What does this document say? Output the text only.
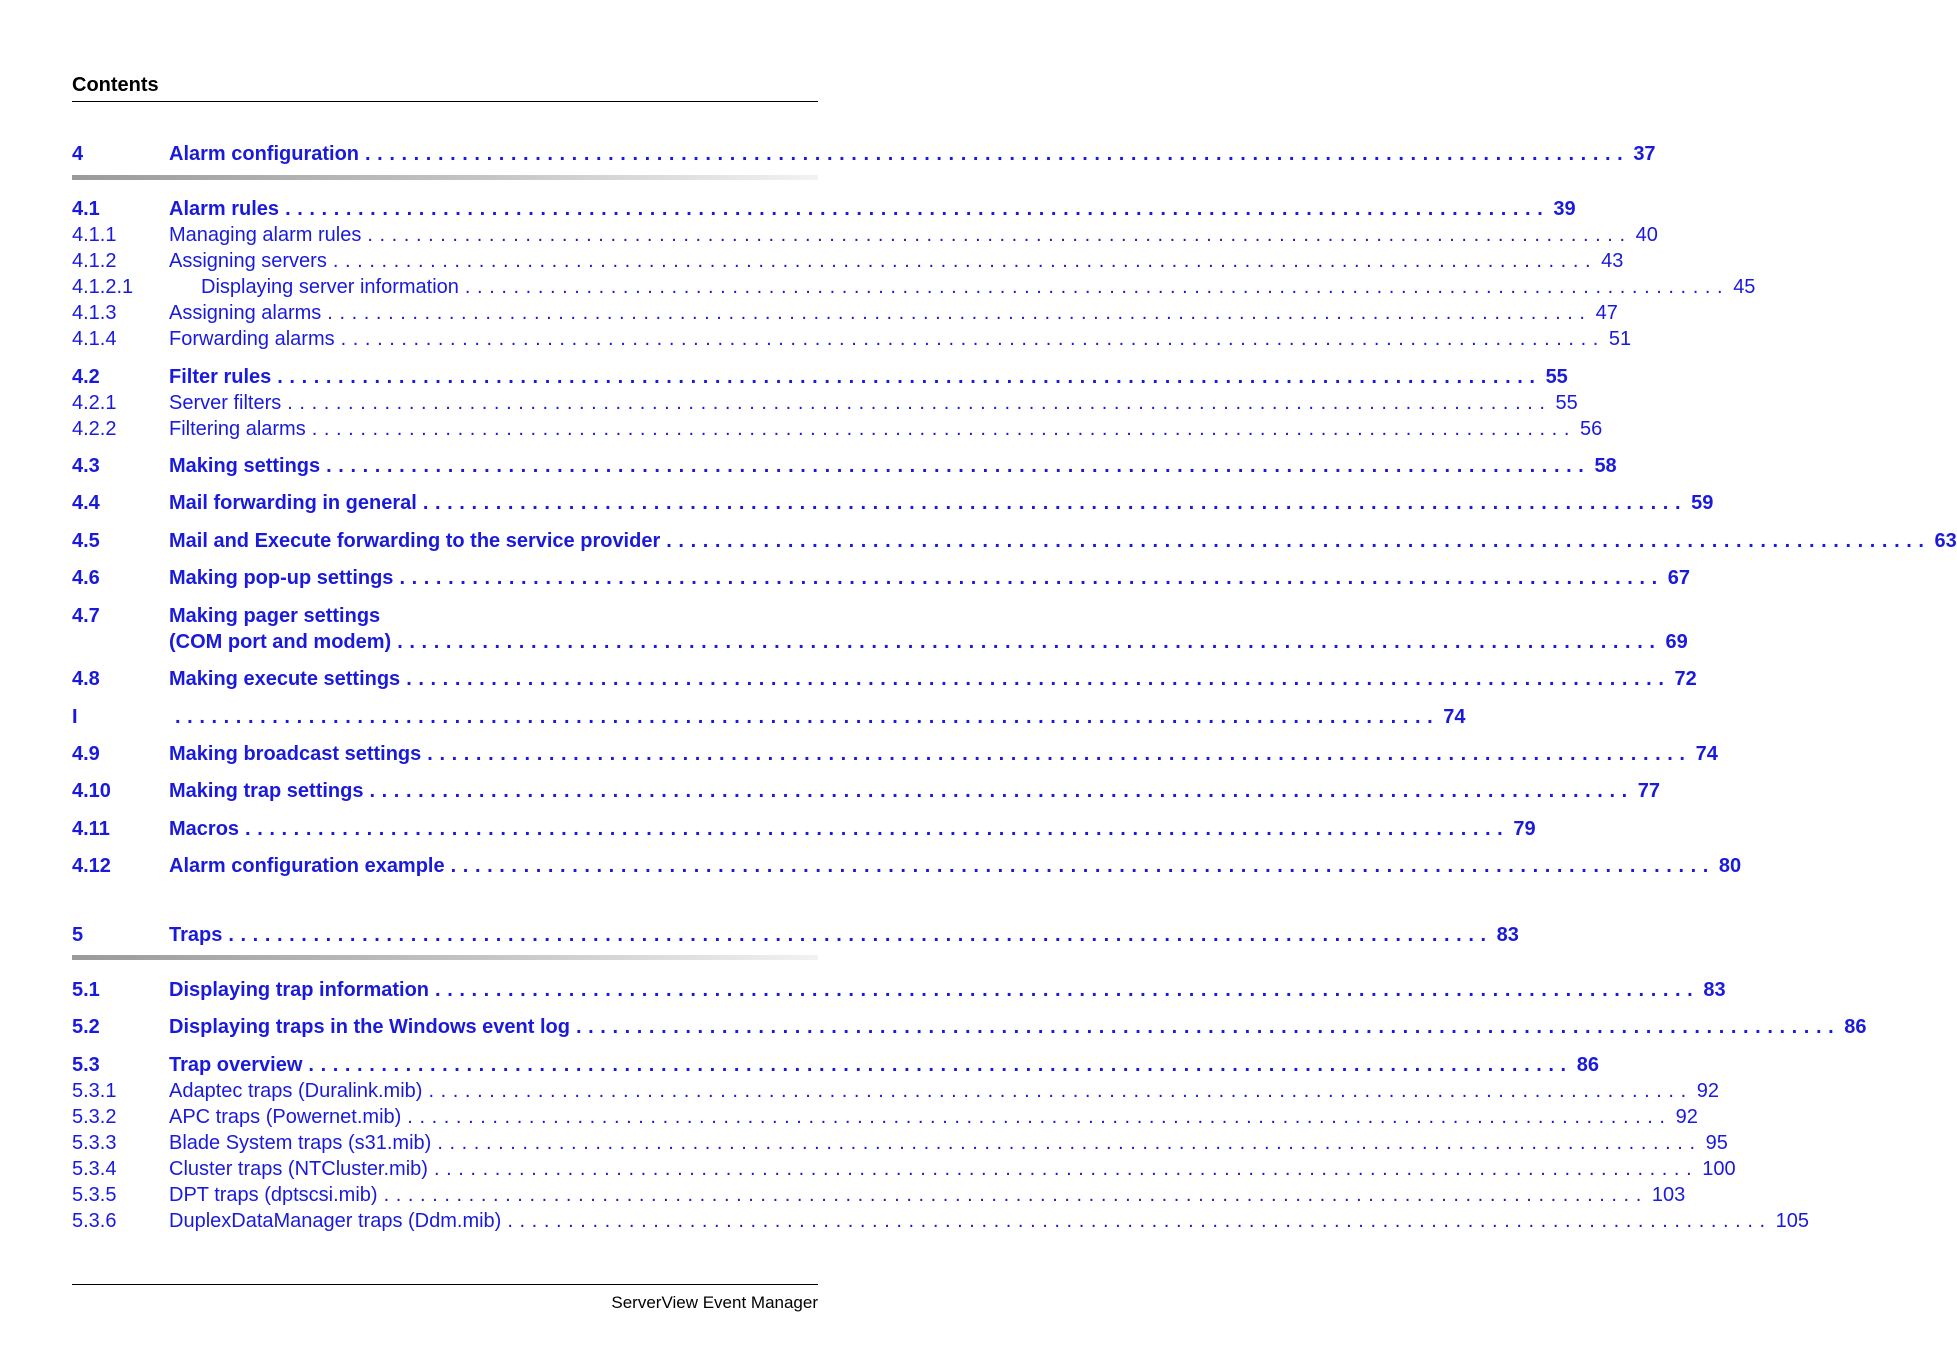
Contents
4	Alarm configuration ........................................................................................................ 37
4.1	Alarm rules ........................................................................................................ 39
4.1.1	Managing alarm rules ........................................................................................................ 40
4.1.2	Assigning servers ........................................................................................................ 43
4.1.2.1	Displaying server information ........................................................................................................ 45
4.1.3	Assigning alarms ........................................................................................................ 47
4.1.4	Forwarding alarms ........................................................................................................ 51
4.2	Filter rules ........................................................................................................ 55
4.2.1	Server filters ........................................................................................................ 55
4.2.2	Filtering alarms ........................................................................................................ 56
4.3	Making settings ........................................................................................................ 58
4.4	Mail forwarding in general ........................................................................................................ 59
4.5	Mail and Execute forwarding to the service provider ........................................................................................................ 63
4.6	Making pop-up settings ........................................................................................................ 67
4.7	Making pager settings
(COM port and modem) ........................................................................................................ 69
4.8	Making execute settings ........................................................................................................ 72
I	........................................................................................................ 74
4.9	Making broadcast settings ........................................................................................................ 74
4.10	Making trap settings ........................................................................................................ 77
4.11	Macros ........................................................................................................ 79
4.12	Alarm configuration example ........................................................................................................ 80
5	Traps ........................................................................................................ 83
5.1	Displaying trap information ........................................................................................................ 83
5.2	Displaying traps in the Windows event log ........................................................................................................ 86
5.3	Trap overview ........................................................................................................ 86
5.3.1	Adaptec traps (Duralink.mib) ........................................................................................................ 92
5.3.2	APC traps (Powernet.mib) ........................................................................................................ 92
5.3.3	Blade System traps (s31.mib) ........................................................................................................ 95
5.3.4	Cluster traps (NTCluster.mib) ........................................................................................................ 100
5.3.5	DPT traps (dptscsi.mib) ........................................................................................................ 103
5.3.6	DuplexDataManager traps (Ddm.mib) ........................................................................................................ 105
ServerView Event Manager
